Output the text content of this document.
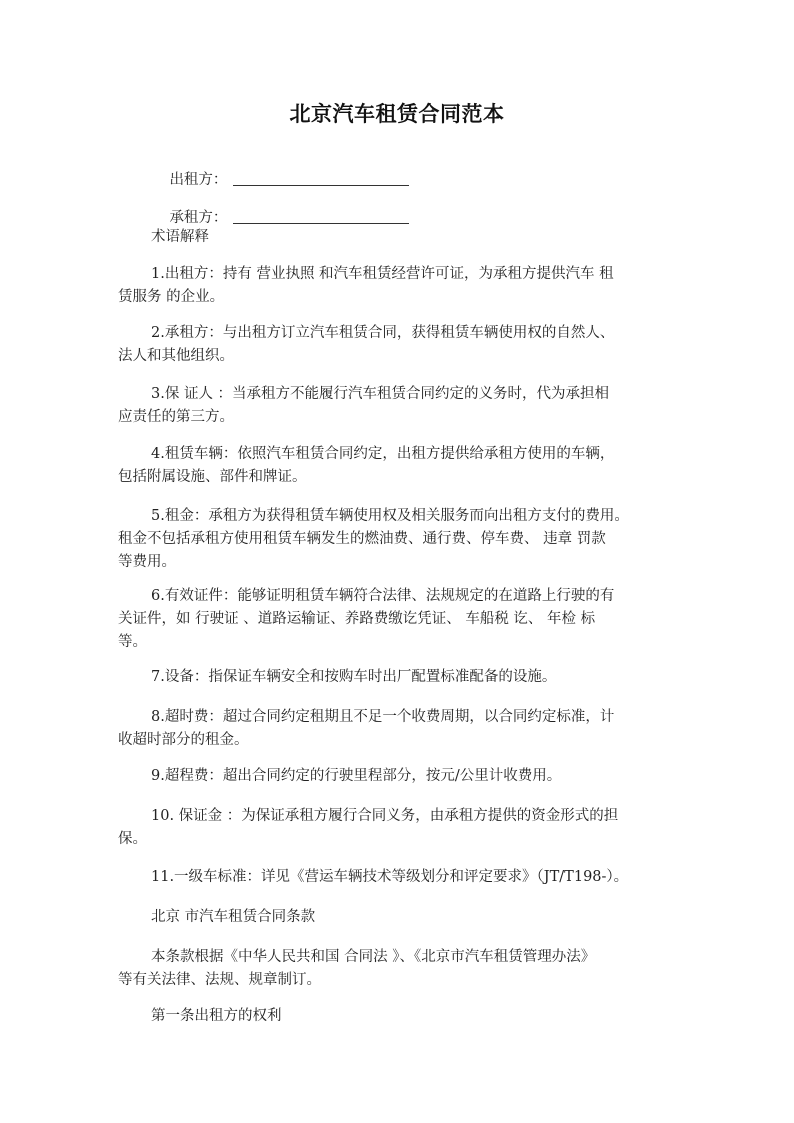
北京汽车租赁合同范本

出租方：

承租方：

术语解释
1.出租方：持有 营业执照 和汽车租赁经营许可证，为承租方提供汽车 租
赁服务 的企业。
2.承租方：与出租方订立汽车租赁合同，获得租赁车辆使用权的自然人、
法人和其他组织。
3.保 证人 ：当承租方不能履行汽车租赁合同约定的义务时，代为承担相
应责任的第三方。
4.租赁车辆：依照汽车租赁合同约定，出租方提供给承租方使用的车辆，
包括附属设施、部件和牌证。
5.租金：承租方为获得租赁车辆使用权及相关服务而向出租方支付的费用。
租金不包括承租方使用租赁车辆发生的燃油费、通行费、停车费、 违章 罚款
等费用。
6.有效证件：能够证明租赁车辆符合法律、法规规定的在道路上行驶的有
关证件，如 行驶证 、道路运输证、养路费缴讫凭证、 车船税 讫、 年检 标
等。
7.设备：指保证车辆安全和按购车时出厂配置标准配备的设施。
8.超时费：超过合同约定租期且不足一个收费周期，以合同约定标准，计
收超时部分的租金。
9.超程费：超出合同约定的行驶里程部分，按元/公里计收费用。
10. 保证金 ：为保证承租方履行合同义务，由承租方提供的资金形式的担
保。
11.一级车标准：详见《营运车辆技术等级划分和评定要求》（JT/T198-）。
北京 市汽车租赁合同条款
本条款根据《中华人民共和国 合同法 》、《北京市汽车租赁管理办法》
等有关法律、法规、规章制订。
第一条出租方的权利
